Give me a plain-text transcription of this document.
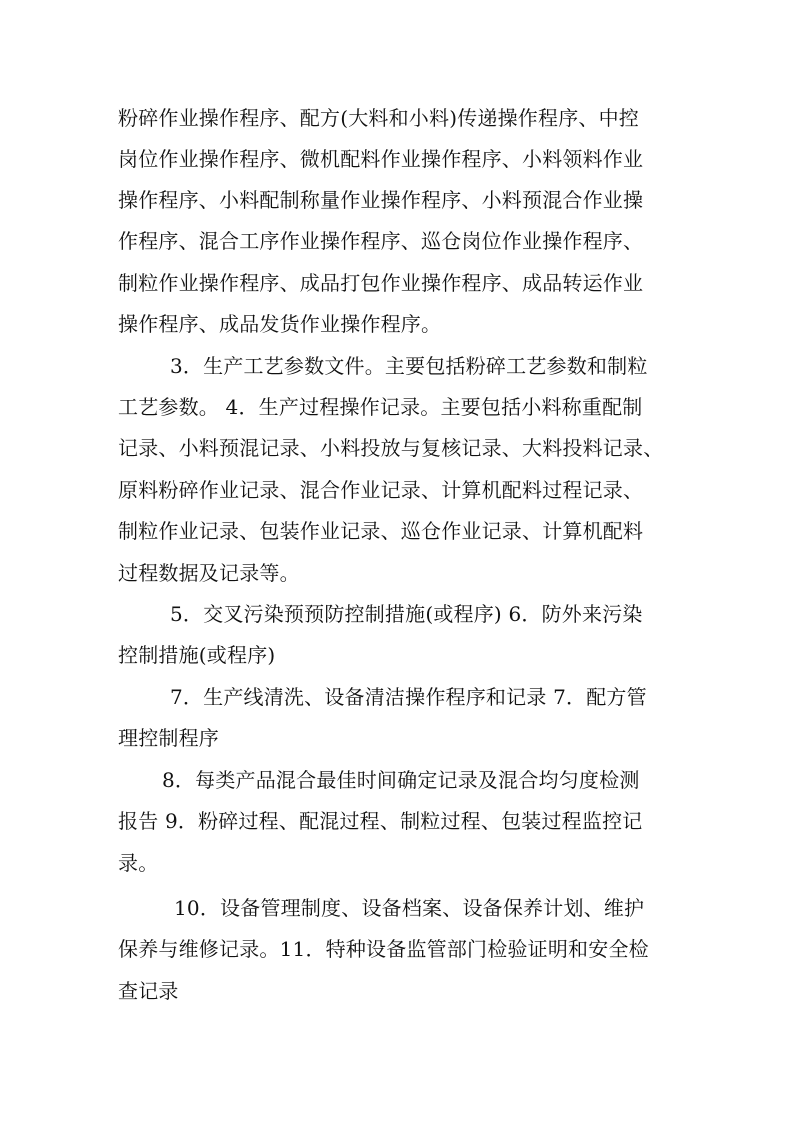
粉碎作业操作程序、配方(大料和小料)传递操作程序、中控
岗位作业操作程序、微机配料作业操作程序、小料领料作业
操作程序、小料配制称量作业操作程序、小料预混合作业操
作程序、混合工序作业操作程序、巡仓岗位作业操作程序、
制粒作业操作程序、成品打包作业操作程序、成品转运作业
操作程序、成品发货作业操作程序。
3．生产工艺参数文件。主要包括粉碎工艺参数和制粒
工艺参数。 4．生产过程操作记录。主要包括小料称重配制
记录、小料预混记录、小料投放与复核记录、大料投料记录、
原料粉碎作业记录、混合作业记录、计算机配料过程记录、
制粒作业记录、包装作业记录、巡仓作业记录、计算机配料
过程数据及记录等。
5．交叉污染预预防控制措施(或程序) 6．防外来污染
控制措施(或程序)
7．生产线清洗、设备清洁操作程序和记录 7．配方管
理控制程序
8．每类产品混合最佳时间确定记录及混合均匀度检测
报告 9．粉碎过程、配混过程、制粒过程、包装过程监控记
录。
10．设备管理制度、设备档案、设备保养计划、维护
保养与维修记录。11．特种设备监管部门检验证明和安全检
查记录
